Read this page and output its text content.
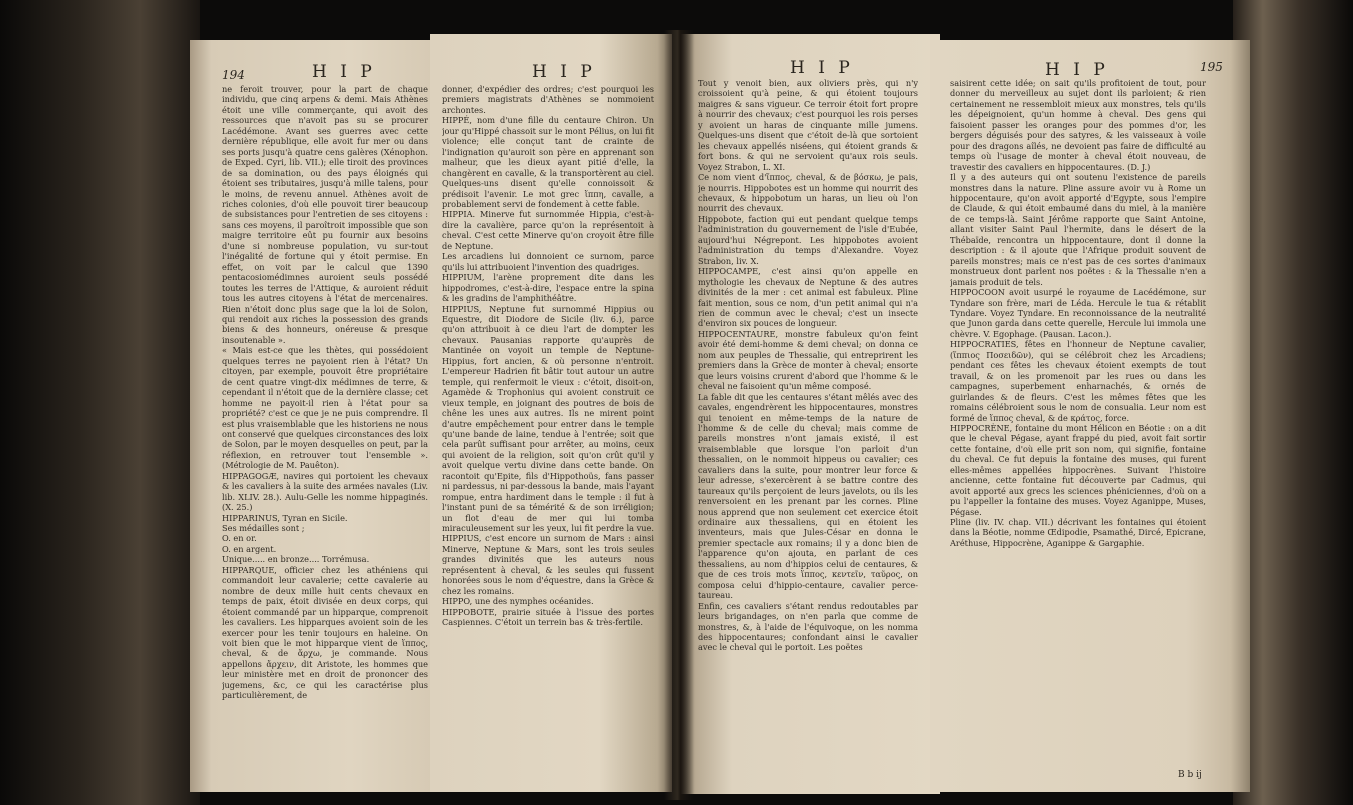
194	H I P	H I P
ne feroit trouver, pour la part de chaque individu, que cinq arpens & demi. Mais Athènes étoit une ville commerçante, qui avoit des ressources que n'avoit pas su se procurer Lacédémone. Avant ses guerres avec cette dernière république, elle avoit fur mer ou dans ses ports jusqu'à quatre cens galères (Xénophon. de Exped. Cyri, lib. VII.); elle tiroit des provinces de sa domination, ou des pays éloignés qui étoient ses tributaires, jusqu'à mille talens, pour le moins, de revenu annuel. Athènes avoit de riches colonies, d'où elle pouvoit tirer beaucoup de subsistances pour l'entretien de ses citoyens : sans ces moyens, il paroîtroit impossible que son maigre territoire eût pu fournir aux besoins d'une si nombreuse population, vu sur-tout l'inégalité de fortune qui y étoit permise. En effet, on voit par le calcul que 1390 pentacosiomédimnes auroient seuls possédé toutes les terres de l'Attique, & auroient réduit tous les autres citoyens à l'état de mercenaires. Rien n'étoit donc plus sage que la loi de Solon, qui rendoit aux riches la possession des grands biens & des honneurs, onéreuse & presque insoutenable ».
« Mais est-ce que les thètes, qui possédoient quelques terres ne payoient rien à l'état? Un citoyen, par exemple, pouvoit être propriétaire de cent quatre vingt-dix médimnes de terre, & cependant il n'étoit que de la dernière classe; cet homme ne payoit-il rien à l'état pour sa propriété? c'est ce que je ne puis comprendre. Il est plus vraisemblable que les historiens ne nous ont conservé que quelques circonstances des loix de Solon, par le moyen desquelles on peut, par la réflexion, en retrouver tout l'ensemble ». (Métrologie de M. Pauêton).
HIPPAGOGÆ, navires qui portoient les chevaux & les cavaliers à la suite des armées navales (Liv. lib. XLIV. 28.). Aulu-Gelle les nomme hippaginés. (X. 25.)
HIPPARINUS, Tyran en Sicile.
Ses médailles sont ;
O. en or.
O. en argent.
Unique..... en bronze.... Torrémusa.
HIPPARQUE, officier chez les athéniens qui commandoit leur cavalerie; cette cavalerie au nombre de deux mille huit cents chevaux en temps de paix, étoit divisée en deux corps, qui étoient commandé par un hipparque, comprenoit les cavaliers. Les hipparques avoient soin de les exercer pour les tenir toujours en haleine. On voit bien que le mot hipparque vient de ἵππος, cheval, & de ἄρχω, je commande. Nous appellons ἄρχειν, dit Aristote, les hommes que leur ministère met en droit de prononcer des jugemens, &c, ce qui les caractérise plus particulièrement, de
donner, d'expédier des ordres; c'est pourquoi les premiers magistrats d'Athènes se nommoient archontes.
HIPPÉ, nom d'une fille du centaure Chiron. Un jour qu'Hippé chassoit sur le mont Pélius, on lui fit violence; elle conçut tant de crainte de l'indignation qu'auroit son père en apprenant son malheur, que les dieux ayant pitié d'elle, la changèrent en cavalle, & la transportèrent au ciel. Quelques-uns disent qu'elle connoissoit & prédisoit l'avenir. Le mot grec ἵππη, cavalle, a probablement servi de fondement à cette fable.
HIPPIA. Minerve fut surnommée Hippia, c'est-à-dire la cavalière, parce qu'on la représentoit à cheval. C'est cette Minerve qu'on croyoit être fille de Neptune.
Les arcadiens lui donnoient ce surnom, parce qu'ils lui attribuoient l'invention des quadriges.
HIPPIUM, l'arène proprement dite dans les hippodromes, c'est-à-dire, l'espace entre la spina & les gradins de l'amphithéâtre.
HIPPIUS, Neptune fut surnommé Hippius ou Equestre, dit Diodore de Sicile (liv. 6.), parce qu'on attribuoit à ce dieu l'art de dompter les chevaux. Pausanias rapporte qu'auprès de Mantinée on voyoit un temple de Neptune-Hippius, fort ancien, & où personne n'entroit. L'empereur Hadrien fit bâtir tout autour un autre temple, qui renfermoit le vieux : c'étoit, disoit-on, Agamède & Trophonius qui avoient construit ce vieux temple, en joignant des poutres de bois de chêne les unes aux autres. Ils ne mirent point d'autre empêchement pour entrer dans le temple qu'une bande de laine, tendue à l'entrée; soit que cela parût suffisant pour arrêter, au moins, ceux qui avoient de la religion, soit qu'on crût qu'il y avoit quelque vertu divine dans cette bande. On racontoit qu'Epite, fils d'Hippothoüs, fans passer ni pardessus, ni par-dessous la bande, mais l'ayant rompue, entra hardiment dans le temple : il fut à l'instant puni de sa témérité & de son irréligion; un flot d'eau de mer qui lui tomba miraculeusement sur les yeux, lui fit perdre la vue.
HIPPIUS, c'est encore un surnom de Mars : ainsi Minerve, Neptune & Mars, sont les trois seules grandes divinités que les auteurs nous représentent à cheval, & les seules qui fussent honorées sous le nom d'équestre, dans la Grèce & chez les romains.
HIPPO, une des nymphes océanides.
HIPPOBOTE, prairie située à l'issue des portes Caspiennes. C'étoit un terrein bas & très-fertile.
H I P	H I P	195
Tout y venoit bien, aux oliviers près, qui n'y croissoient qu'à peine, & qui étoient toujours maigres & sans vigueur. Ce terroir étoit fort propre à nourrir des chevaux; c'est pourquoi les rois perses y avoient un haras de cinquante mille jumens. Quelques-uns disent que c'étoit de-là que sortoient les chevaux appellés niséens, qui étoient grands & fort bons. & qui ne servoient qu'aux rois seuls. Voyez Strabon, L. XI.
Ce nom vient d'ἵππος, cheval, & de βόσκω, je pais, je nourris. Hippobotes est un homme qui nourrit des chevaux, & hippobotum un haras, un lieu où l'on nourrit des chevaux.
Hippobote, faction qui eut pendant quelque temps l'administration du gouvernement de l'isle d'Eubée, aujourd'hui Négrepont. Les hippobotes avoient l'administration du temps d'Alexandre. Voyez Strabon, liv. X.
HIPPOCAMPE, c'est ainsi qu'on appelle en mythologie les chevaux de Neptune & des autres divinités de la mer : cet animal est fabuleux. Pline fait mention, sous ce nom, d'un petit animal qui n'a rien de commun avec le cheval; c'est un insecte d'environ six pouces de longueur.
HIPPOCENTAURE, monstre fabuleux qu'on feint avoir été demi-homme & demi cheval; on donna ce nom aux peuples de Thessalie, qui entreprirent les premiers dans la Grèce de monter à cheval; ensorte que leurs voisins crurent d'abord que l'homme & le cheval ne faisoient qu'un même composé.
La fable dit que les centaures s'étant mêlés avec des cavales, engendrèrent les hippocentaures, monstres qui tenoient en même-temps de la nature de l'homme & de celle du cheval; mais comme de pareils monstres n'ont jamais existé, il est vraisemblable que lorsque l'on parloit d'un thessalien, on le nommoit hippeus ou cavalier; ces cavaliers dans la suite, pour montrer leur force & leur adresse, s'exercèrent à se battre contre des taureaux qu'ils perçoient de leurs javelots, ou ils les renversoient en les prenant par les cornes. Pline nous apprend que non seulement cet exercice étoit ordinaire aux thessaliens, qui en étoient les inventeurs, mais que Jules-César en donna le premier spectacle aux romains; il y a donc bien de l'apparence qu'on ajouta, en parlant de ces thessaliens, au nom d'hippios celui de centaures, & que de ces trois mots ἵππος, κεντεῖν, ταῦρος, on composa celui d'hippio-centaure, cavalier perce-taureau.
Enfin, ces cavaliers s'étant rendus redoutables par leurs brigandages, on n'en parla que comme de monstres, &, à l'aide de l'équivoque, on les nomma des hippocentaures; confondant ainsi le cavalier avec le cheval qui le portoit. Les poëtes
saisirent cette idée; on sait qu'ils profitoient de tout, pour donner du merveilleux au sujet dont ils parloient; & rien certainement ne ressembloit mieux aux monstres, tels qu'ils les dépeignoient, qu'un homme à cheval. Des gens qui faisoient passer les oranges pour des pommes d'or, les bergers déguisés pour des satyres, & les vaisseaux à voile pour des dragons aîlés, ne devoient pas faire de difficulté au temps où l'usage de monter à cheval étoit nouveau, de travestir des cavaliers en hippocentaures. (D. J.)
Il y a des auteurs qui ont soutenu l'existence de pareils monstres dans la nature. Pline assure avoir vu à Rome un hippocentaure, qu'on avoit apporté d'Egypte, sous l'empire de Claude, & qui étoit embaumé dans du miel, à la manière de ce temps-là. Saint Jérôme rapporte que Saint Antoine, allant visiter Saint Paul l'hermite, dans le désert de la Thébaïde, rencontra un hippocentaure, dont il donne la description : & il ajoute que l'Afrique produit souvent de pareils monstres; mais ce n'est pas de ces sortes d'animaux monstrueux dont parlent nos poëtes : & la Thessalie n'en a jamais produit de tels.
HIPPOCOON avoit usurpé le royaume de Lacédémone, sur Tyndare son frère, mari de Léda. Hercule le tua & rétablit Tyndare. Voyez Tyndare. En reconnoissance de la neutralité que Junon garda dans cette querelle, Hercule lui immola une chèvre. V. Egophage. (Pausan. Lacon.).
HIPPOCRATIES, fêtes en l'honneur de Neptune cavalier, (ἵππιος Ποσειδῶν), qui se célébroit chez les Arcadiens; pendant ces fêtes les chevaux étoient exempts de tout travail, & on les promenoit par les rues ou dans les campagnes, superbement enharnachés, & ornés de guirlandes & de fleurs. C'est les mêmes fêtes que les romains célébroient sous le nom de consualia. Leur nom est formé de ἵππος cheval, & de κράτος, force.
HIPPOCRÈNE, fontaine du mont Hélicon en Béotie : on a dit que le cheval Pégase, ayant frappé du pied, avoit fait sortir cette fontaine, d'où elle prit son nom, qui signifie, fontaine du cheval. Ce fut depuis la fontaine des muses, qui furent elles-mêmes appellées hippocrènes. Suivant l'histoire ancienne, cette fontaine fut découverte par Cadmus, qui avoit apporté aux grecs les sciences phéniciennes, d'où on a pu l'appeller la fontaine des muses. Voyez Aganippe, Muses, Pégase.
Pline (liv. IV. chap. VII.) décrivant les fontaines qui étoient dans la Béotie, nomme Œdipodie, Psamathé, Dircé, Epicrane, Aréthuse, Hippocrène, Aganippe & Gargaphie.
B b ij
